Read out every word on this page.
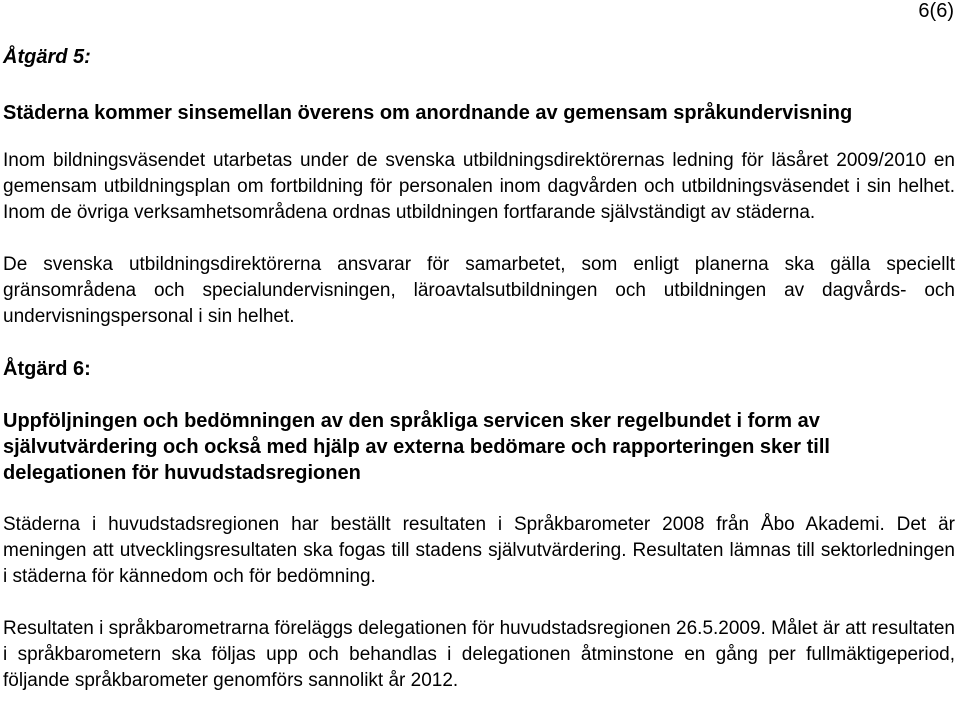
6(6)
Åtgärd 5:
Städerna kommer sinsemellan överens om anordnande av gemensam språkundervisning

Inom bildningsväsendet utarbetas under de svenska utbildningsdirektörernas ledning för läsåret 2009/2010 en gemensam utbildningsplan om fortbildning för personalen inom dagvården och utbildningsväsendet i sin helhet. Inom de övriga verksamhetsområdena ordnas utbildningen fortfarande självständigt av städerna.

De svenska utbildningsdirektörerna ansvarar för samarbetet, som enligt planerna ska gälla speciellt gränsområdena och specialundervisningen, läroavtalsutbildningen och utbildningen av dagvårds- och undervisningspersonal i sin helhet.

Åtgärd 6:
Uppföljningen och bedömningen av den språkliga servicen sker regelbundet i form av självutvärdering och också med hjälp av externa bedömare och rapporteringen sker till delegationen för huvudstadsregionen

Städerna i huvudstadsregionen har beställt resultaten i Språkbarometer 2008 från Åbo Akademi. Det är meningen att utvecklingsresultaten ska fogas till stadens självutvärdering. Resultaten lämnas till sektorledningen i städerna för kännedom och för bedömning.

Resultaten i språkbarometrarna föreläggs delegationen för huvudstadsregionen 26.5.2009. Målet är att resultaten i språkbarometern ska följas upp och behandlas i delegationen åtminstone en gång per fullmäktigeperiod, följande språkbarometer genomförs sannolikt år 2012.
